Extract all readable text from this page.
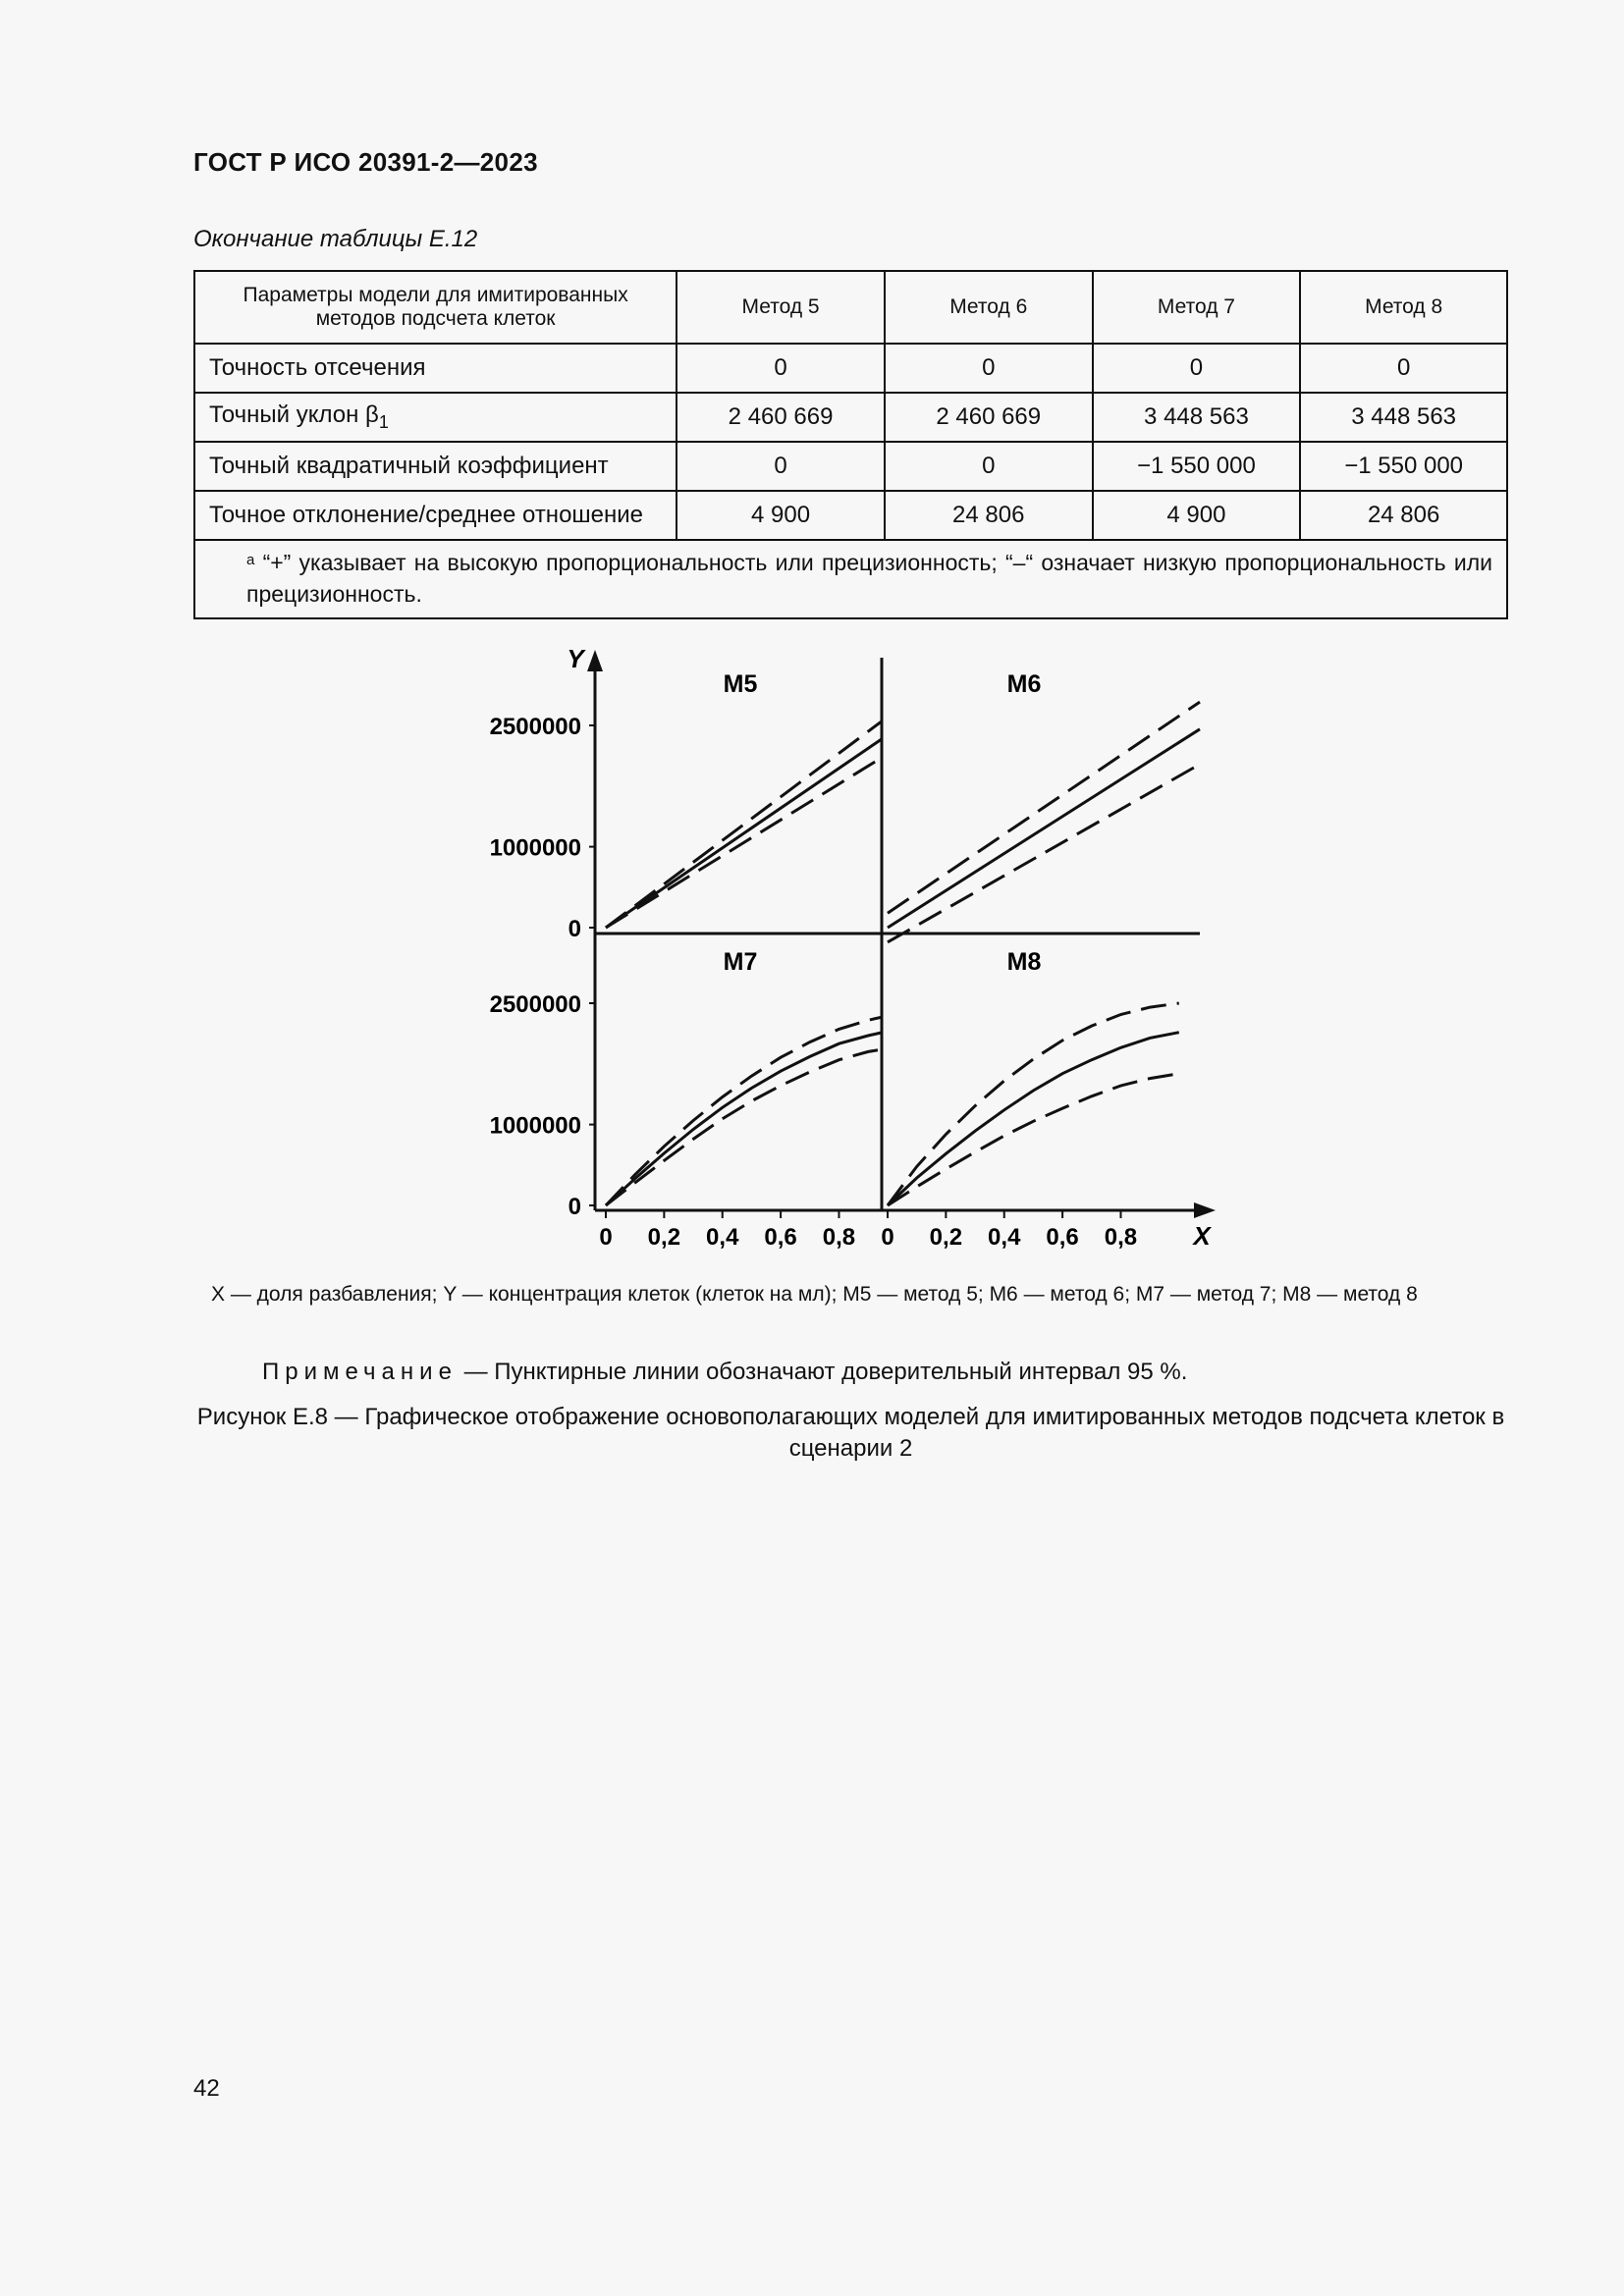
ГОСТ Р ИСО 20391-2—2023
Окончание таблицы Е.12
Параметры модели для имитированных методов подсчета клеток	Метод 5	Метод 6	Метод 7	Метод 8
Точность отсечения	0	0	0	0
Точный уклон $\beta_1$	2 460 669	2 460 669	3 448 563	3 448 563
Точный квадратичный коэффициент	0	0	−1 550 000	−1 550 000
Точное отклонение/среднее отношение	4 900	24 806	4 900	24 806
$^a$ “+” указывает на высокую пропорциональность или прецизионность; “–“ означает низкую пропорциональность или прецизионность.				
Y
X
0
1000000
2500000
0
1000000
2500000
0 0,2 0,4 0,6 0,8 0 0,2 0,4 0,6 0,8
M5	M6
M7	M8
X — доля разбавления; Y — концентрация клеток (клеток на мл); M5 — метод 5; M6 — метод 6; M7 — метод 7; M8 — метод 8
Примечание — Пунктирные линии обозначают доверительный интервал 95 %.
Рисунок Е.8 — Графическое отображение основополагающих моделей для имитированных методов подсчета клеток в сценарии 2
42
